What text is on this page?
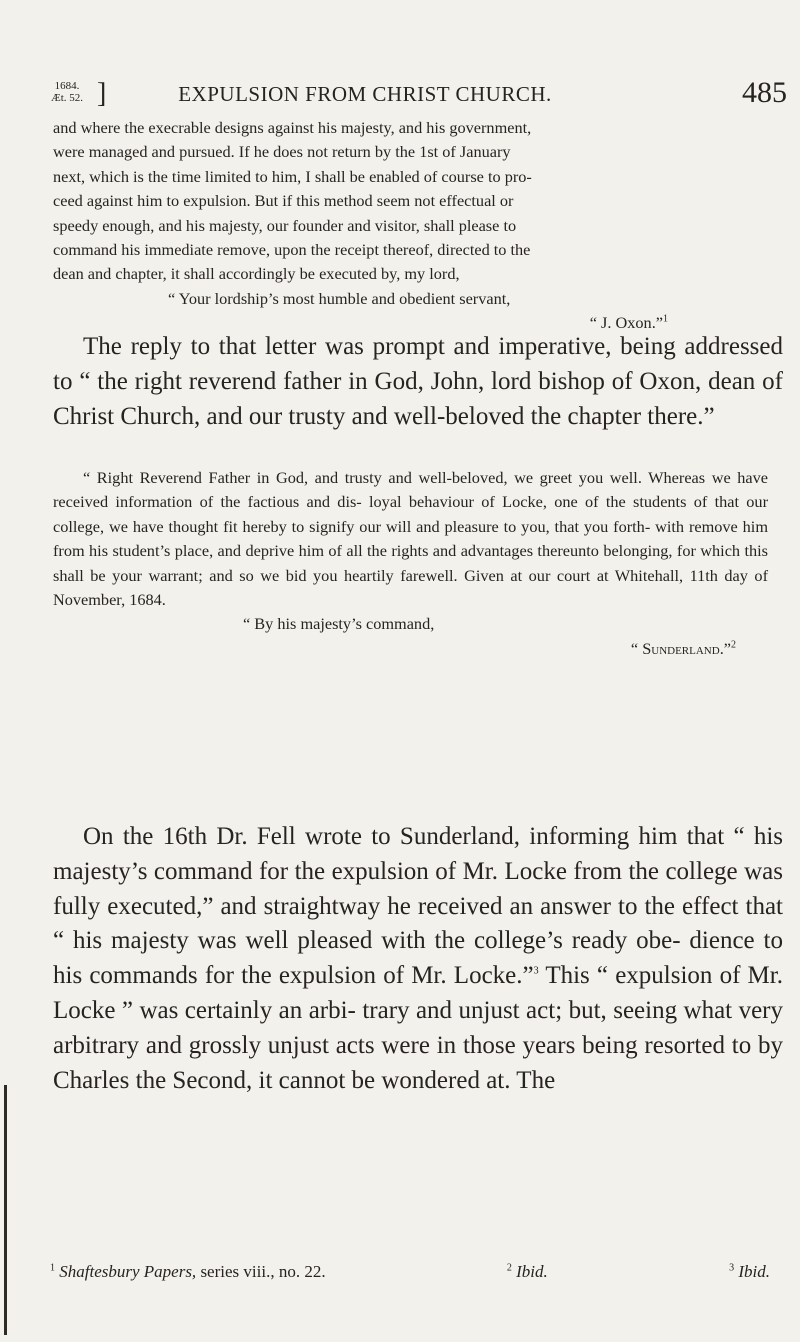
1684.
Æt. 52. ]	EXPULSION FROM CHRIST CHURCH.	485

and where the execrable designs against his majesty, and his government,

were managed and pursued. If he does not return by the 1st of January

next, which is the time limited to him, I shall be enabled of course to pro-

ceed against him to expulsion. But if this method seem not effectual or

speedy enough, and his majesty, our founder and visitor, shall please to

command his immediate remove, upon the receipt thereof, directed to the

dean and chapter, it shall accordingly be executed by, my lord,

“ Your lordship’s most humble and obedient servant,

“ J. Oxon.”$^1$

The reply to that letter was prompt and imperative, being addressed to “ the right reverend father in God, John, lord bishop of Oxon, dean of Christ Church, and our trusty and well-beloved the chapter there.”

“ Right Reverend Father in God, and trusty and well-beloved, we greet you well. Whereas we have received information of the factious and dis- loyal behaviour of Locke, one of the students of that our college, we have thought fit hereby to signify our will and pleasure to you, that you forth- with remove him from his student’s place, and deprive him of all the rights and advantages thereunto belonging, for which this shall be your warrant; and so we bid you heartily farewell. Given at our court at Whitehall, 11th day of November, 1684.

“ By his majesty’s command,

“ Sunderland.”$^2$

On the 16th Dr. Fell wrote to Sunderland, informing him that “ his majesty’s command for the expulsion of Mr. Locke from the college was fully executed,” and straightway he received an answer to the effect that “ his majesty was well pleased with the college’s ready obe- dience to his commands for the expulsion of Mr. Locke.”$^3$ This “ expulsion of Mr. Locke ” was certainly an arbi- trary and unjust act; but, seeing what very arbitrary and grossly unjust acts were in those years being resorted to by Charles the Second, it cannot be wondered at. The

$^1$ Shaftesbury Papers, series viii., no. 22.	$^2$ Ibid.	$^3$ Ibid.
